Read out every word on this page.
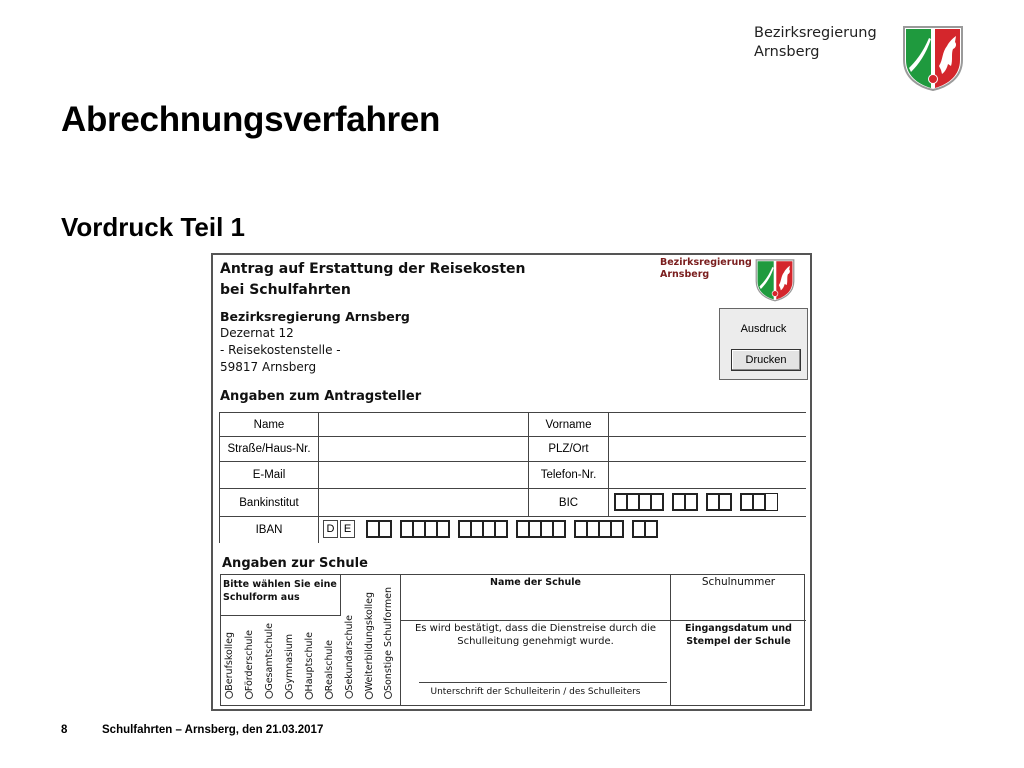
Bezirksregierung
Arnsberg
Abrechnungsverfahren
Vordruck Teil 1
Antrag auf Erstattung der Reisekosten
bei Schulfahrten
Bezirksregierung
Arnsberg
Bezirksregierung Arnsberg
Dezernat 12
- Reisekostenstelle -
59817 Arnsberg
Ausdruck
Drucken
Angaben zum Antragsteller
Name	Vorname
Straße/Haus-Nr.	PLZ/Ort
E-Mail	Telefon-Nr.
Bankinstitut	BIC
IBAN	D E
Angaben zur Schule
Bitte wählen Sie eine
Schulform aus
Name der Schule	Schulnummer
Es wird bestätigt, dass die Dienstreise durch die
Schulleitung genehmigt wurde.
Eingangsdatum und
Stempel der Schule
Unterschrift der Schulleiterin / des Schulleiters
Berufskolleg Förderschule Gesamtschule Gymnasium Hauptschule Realschule Sekundarschule Weiterbildungskolleg Sonstige Schulformen
8	Schulfahrten – Arnsberg, den 21.03.2017
